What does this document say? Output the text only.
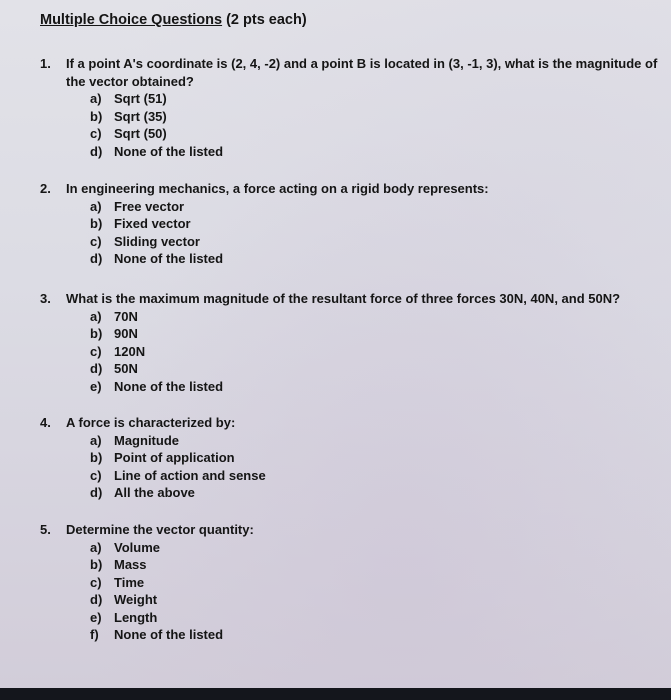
Multiple Choice Questions (2 pts each)
1.	If a point A's coordinate is (2, 4, -2) and a point B is located in (3, -1, 3), what is the magnitude of the vector obtained?
a) Sqrt (51)
b) Sqrt (35)
c) Sqrt (50)
d) None of the listed
2.	In engineering mechanics, a force acting on a rigid body represents:
a) Free vector
b) Fixed vector
c) Sliding vector
d) None of the listed
3.	What is the maximum magnitude of the resultant force of three forces 30N, 40N, and 50N?
a) 70N
b) 90N
c) 120N
d) 50N
e) None of the listed
4.	A force is characterized by:
a) Magnitude
b) Point of application
c) Line of action and sense
d) All the above
5.	Determine the vector quantity:
a) Volume
b) Mass
c) Time
d) Weight
e) Length
f)	None of the listed
